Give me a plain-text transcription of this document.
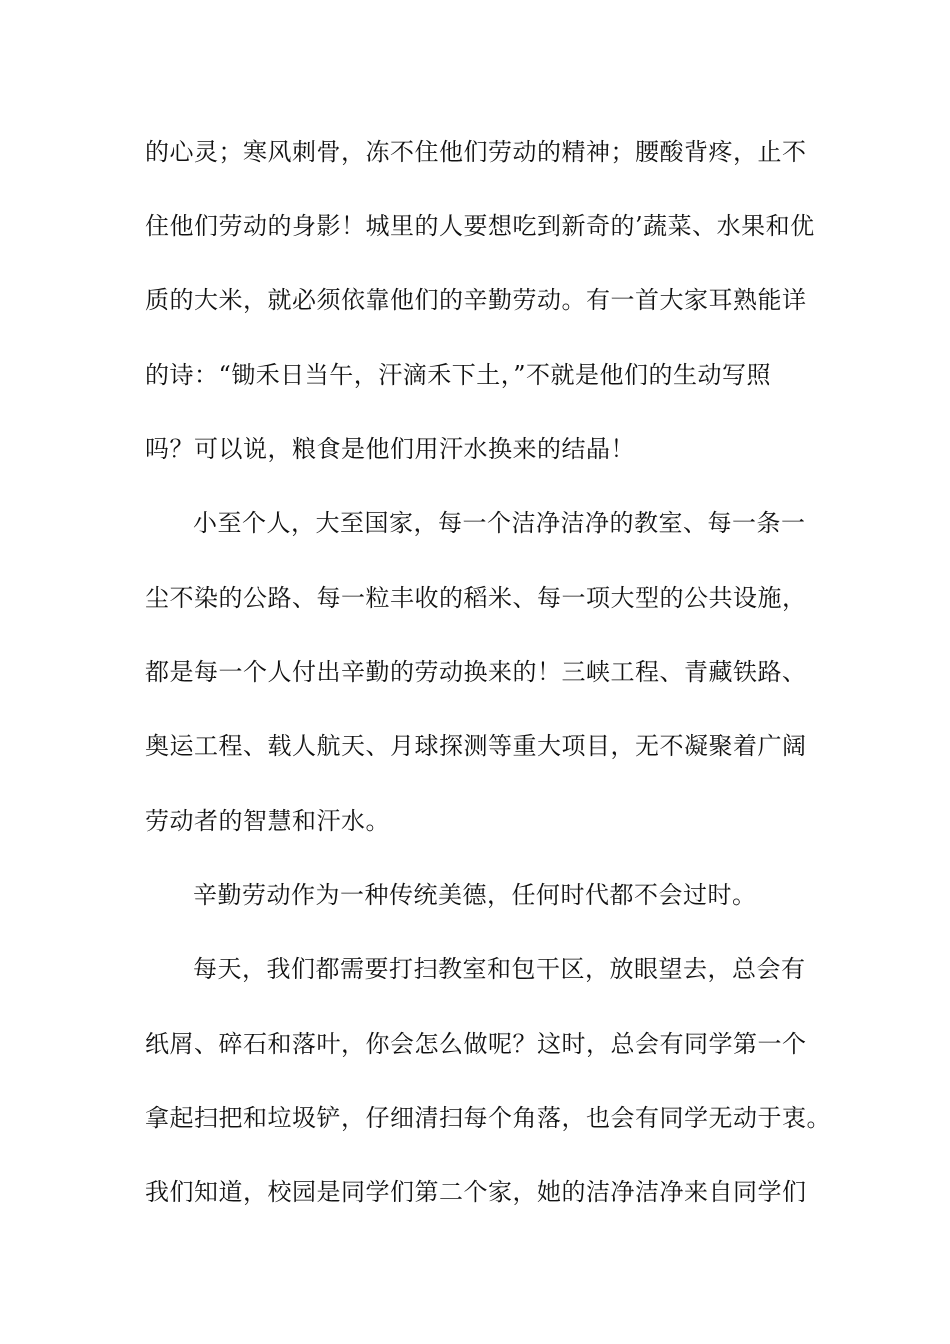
的心灵；寒风刺骨，冻不住他们劳动的精神；腰酸背疼，止不

住他们劳动的身影！城里的人要想吃到新奇的’蔬菜、水果和优

质的大米，就必须依靠他们的辛勤劳动。有一首大家耳熟能详

的诗：“锄禾日当午，汗滴禾下土，”不就是他们的生动写照

吗？可以说，粮食是他们用汗水换来的结晶！

小至个人，大至国家，每一个洁净洁净的教室、每一条一

尘不染的公路、每一粒丰收的稻米、每一项大型的公共设施，

都是每一个人付出辛勤的劳动换来的！三峡工程、青藏铁路、

奥运工程、载人航天、月球探测等重大项目，无不凝聚着广阔

劳动者的智慧和汗水。

辛勤劳动作为一种传统美德，任何时代都不会过时。

每天，我们都需要打扫教室和包干区，放眼望去，总会有

纸屑、碎石和落叶，你会怎么做呢？这时，总会有同学第一个

拿起扫把和垃圾铲，仔细清扫每个角落，也会有同学无动于衷。

我们知道，校园是同学们第二个家，她的洁净洁净来自同学们
